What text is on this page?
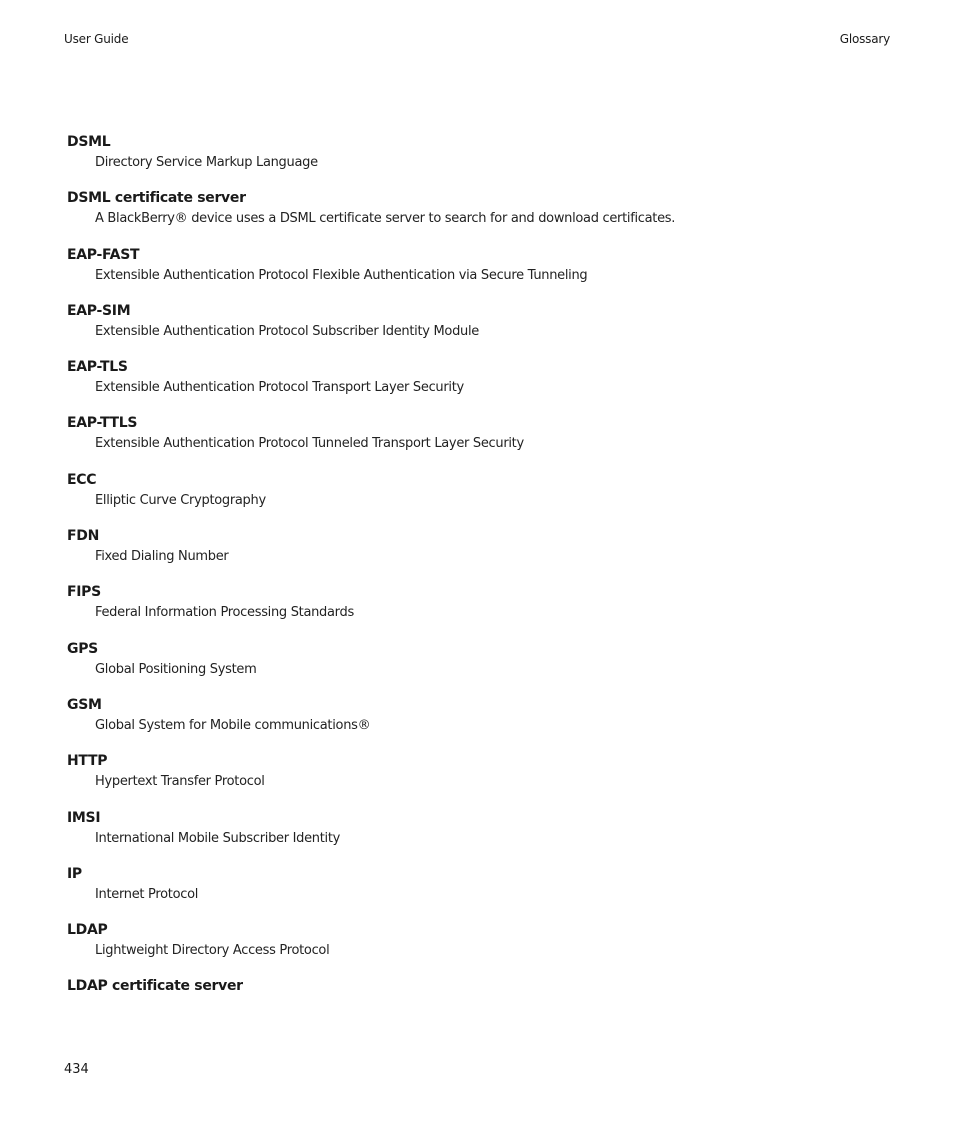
User Guide	Glossary
DSML
Directory Service Markup Language
DSML certificate server
A BlackBerry® device uses a DSML certificate server to search for and download certificates.
EAP-FAST
Extensible Authentication Protocol Flexible Authentication via Secure Tunneling
EAP-SIM
Extensible Authentication Protocol Subscriber Identity Module
EAP-TLS
Extensible Authentication Protocol Transport Layer Security
EAP-TTLS
Extensible Authentication Protocol Tunneled Transport Layer Security
ECC
Elliptic Curve Cryptography
FDN
Fixed Dialing Number
FIPS
Federal Information Processing Standards
GPS
Global Positioning System
GSM
Global System for Mobile communications®
HTTP
Hypertext Transfer Protocol
IMSI
International Mobile Subscriber Identity
IP
Internet Protocol
LDAP
Lightweight Directory Access Protocol
LDAP certificate server
434
